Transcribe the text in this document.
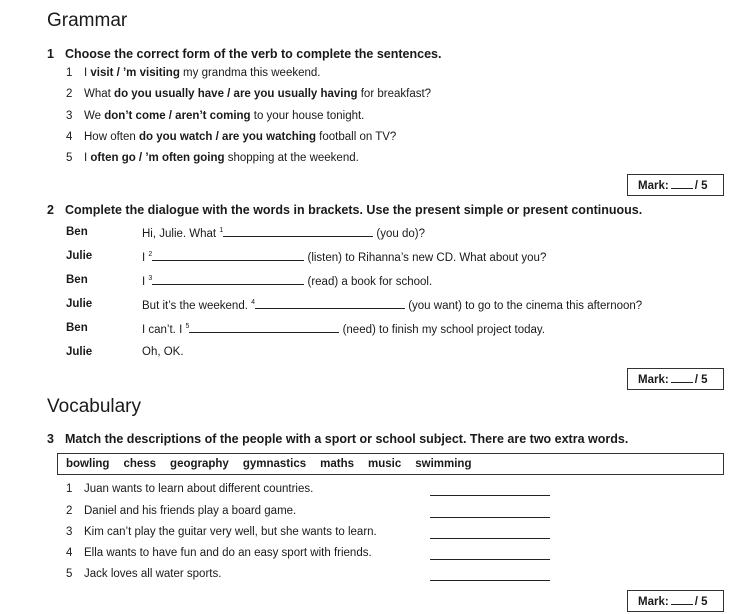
Grammar
1 Choose the correct form of the verb to complete the sentences.
1 I visit / ’m visiting my grandma this weekend.
2 What do you usually have / are you usually having for breakfast?
3 We don’t come / aren’t coming to your house tonight.
4 How often do you watch / are you watching football on TV?
5 I often go / ’m often going shopping at the weekend.
Mark: / 5
2 Complete the dialogue with the words in brackets. Use the present simple or present continuous.
Ben	Hi, Julie. What $^1$	(you do)?
Julie	I $^2$	(listen) to Rihanna’s new CD. What about you?
Ben	I $^3$	(read) a book for school.
Julie	But it’s the weekend. $^4$	(you want) to go to the cinema this afternoon?
Ben	I can’t. I $^5$	(need) to finish my school project today.
Julie	Oh, OK.
Mark: / 5
Vocabulary
3 Match the descriptions of the people with a sport or school subject. There are two extra words.
bowling chess geography gymnastics maths music swimming
1 Juan wants to learn about different countries.
2 Daniel and his friends play a board game.
3 Kim can’t play the guitar very well, but she wants to learn.
4 Ella wants to have fun and do an easy sport with friends.
5 Jack loves all water sports.
Mark: / 5
